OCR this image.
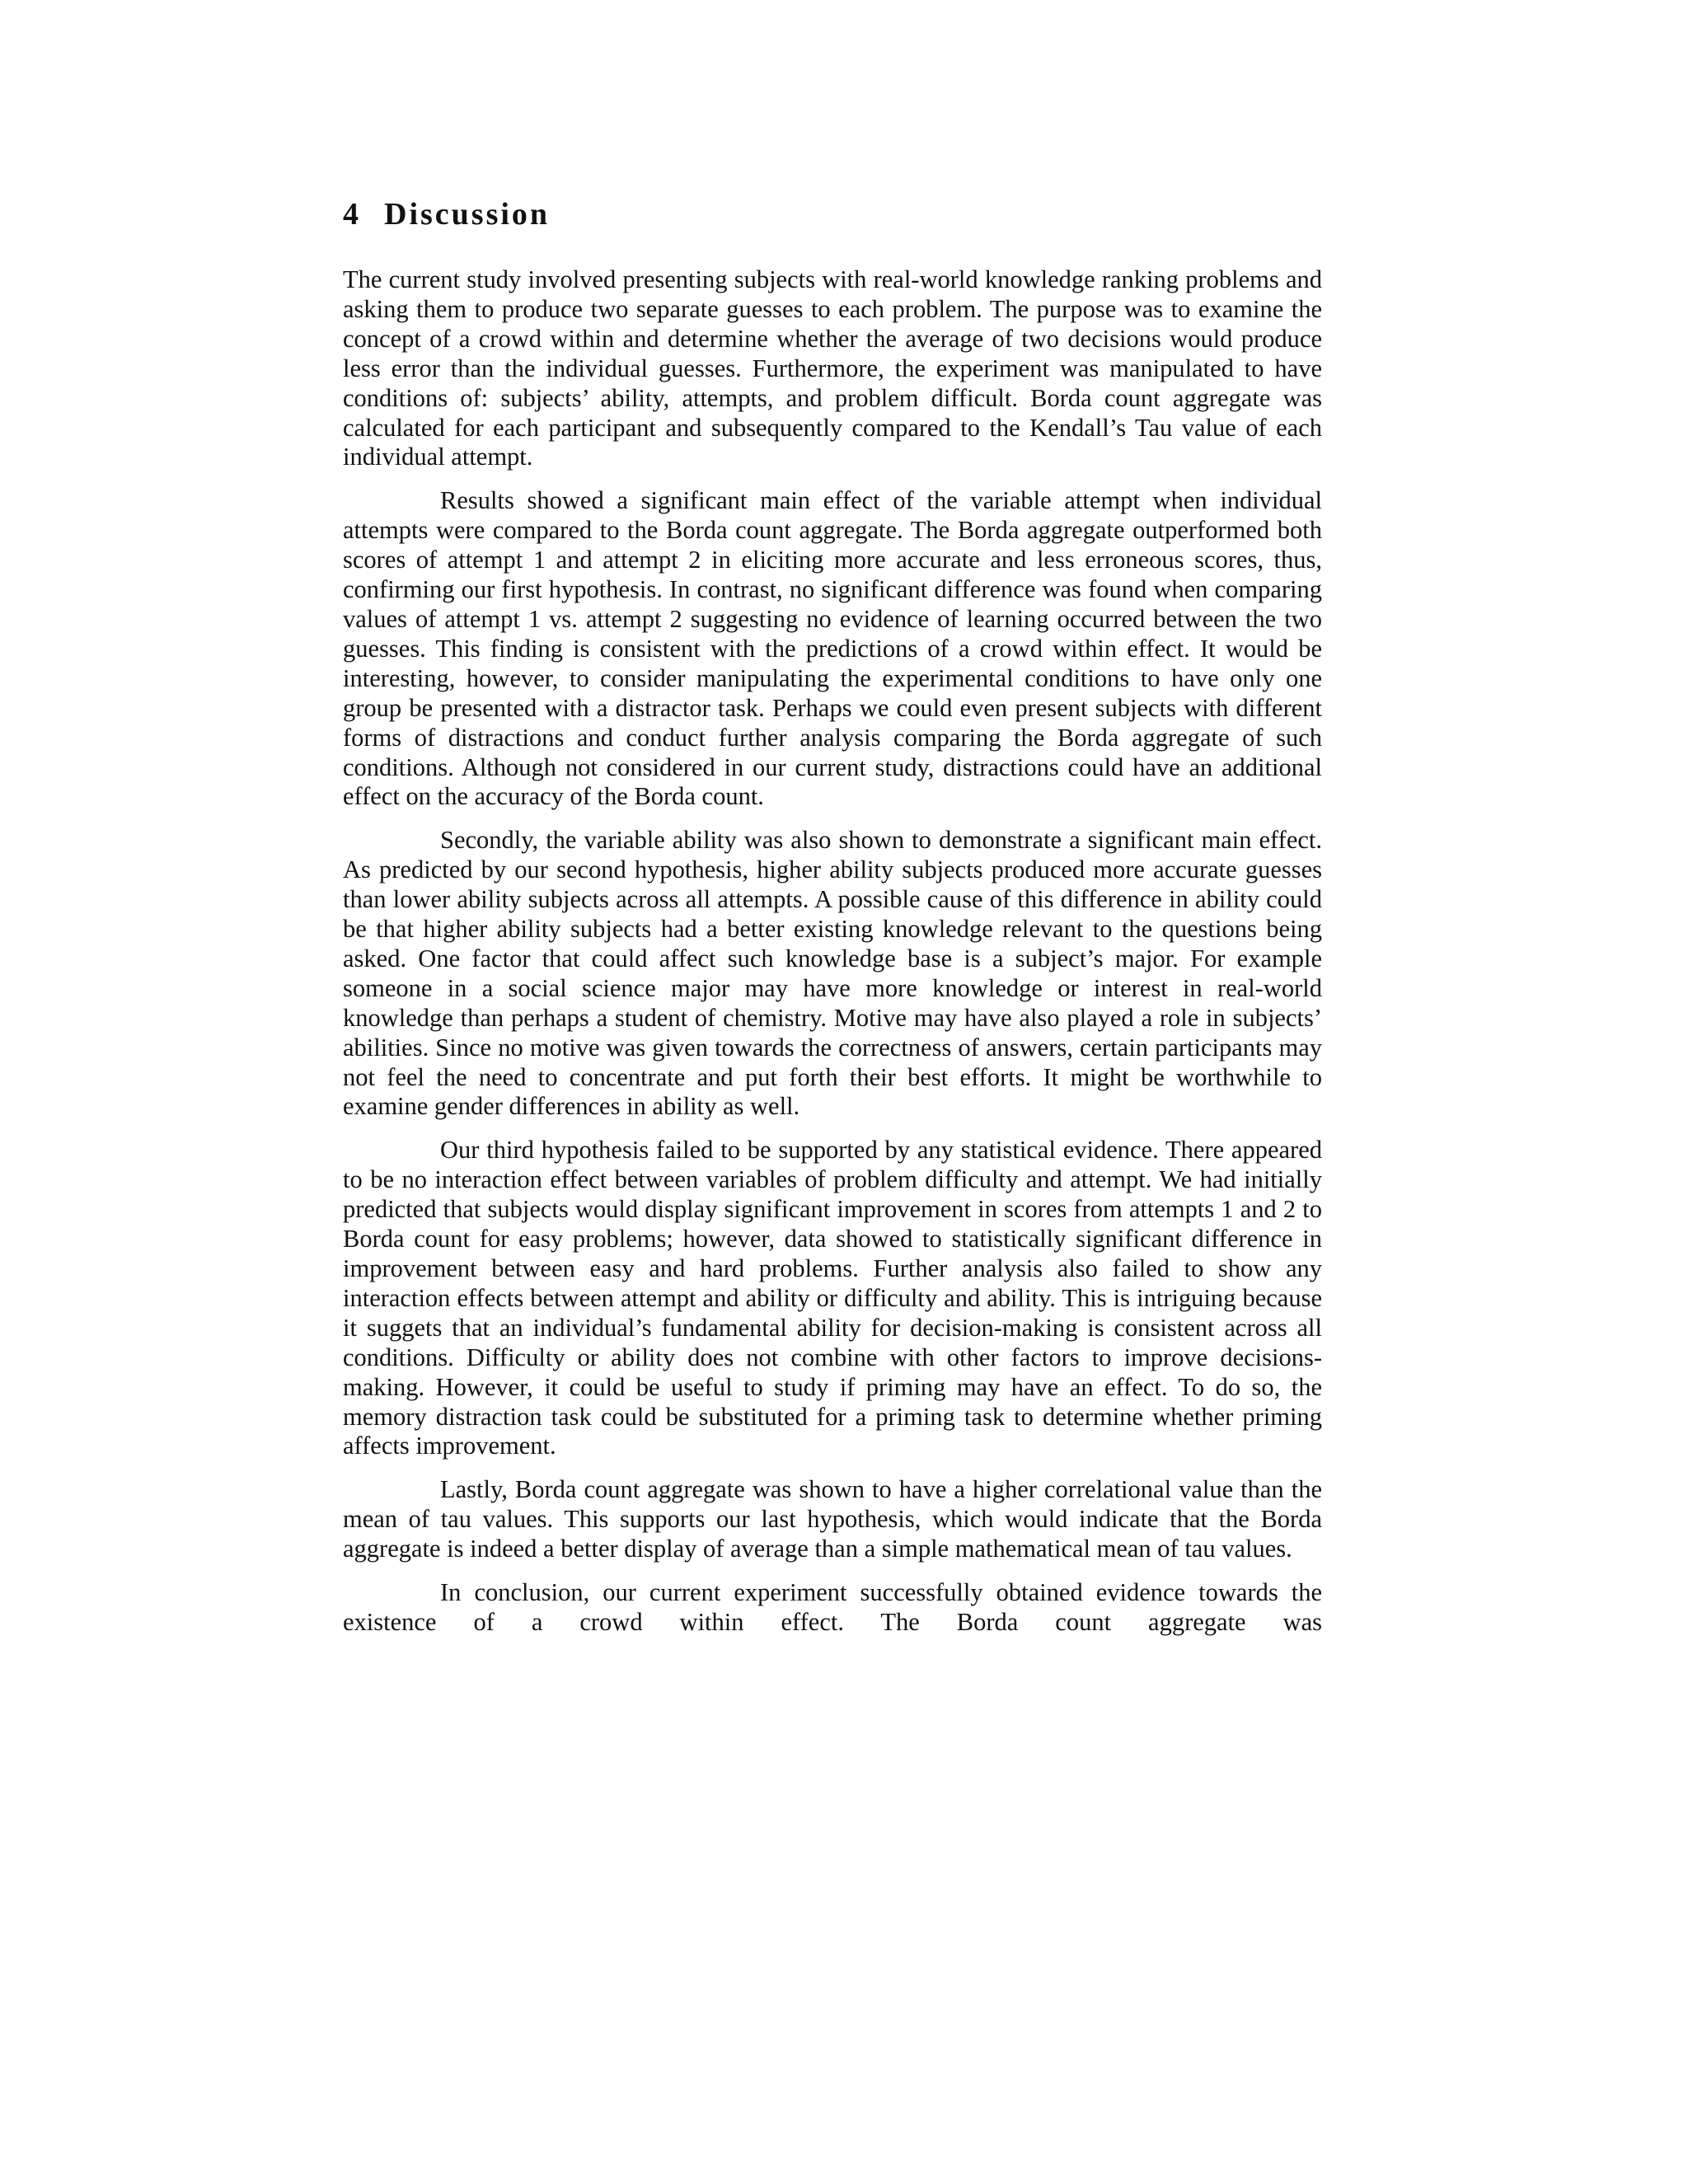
4 Discussion

The current study involved presenting subjects with real-world knowledge ranking problems and asking them to produce two separate guesses to each problem. The purpose was to examine the concept of a crowd within and determine whether the average of two decisions would produce less error than the individual guesses. Furthermore, the experiment was manipulated to have conditions of: subjects’ ability, attempts, and problem difficult. Borda count aggregate was calculated for each participant and subsequently compared to the Kendall’s Tau value of each individual attempt.

Results showed a significant main effect of the variable attempt when individual attempts were compared to the Borda count aggregate. The Borda aggregate outperformed both scores of attempt 1 and attempt 2 in eliciting more accurate and less erroneous scores, thus, confirming our first hypothesis. In contrast, no significant difference was found when comparing values of attempt 1 vs. attempt 2 suggesting no evidence of learning occurred between the two guesses. This finding is consistent with the predictions of a crowd within effect. It would be interesting, however, to consider manipulating the experimental conditions to have only one group be presented with a distractor task. Perhaps we could even present subjects with different forms of distractions and conduct further analysis comparing the Borda aggregate of such conditions. Although not considered in our current study, distractions could have an additional effect on the accuracy of the Borda count.

Secondly, the variable ability was also shown to demonstrate a significant main effect. As predicted by our second hypothesis, higher ability subjects produced more accurate guesses than lower ability subjects across all attempts. A possible cause of this difference in ability could be that higher ability subjects had a better existing knowledge relevant to the questions being asked. One factor that could affect such knowledge base is a subject’s major. For example someone in a social science major may have more knowledge or interest in real-world knowledge than perhaps a student of chemistry. Motive may have also played a role in subjects’ abilities. Since no motive was given towards the correctness of answers, certain participants may not feel the need to concentrate and put forth their best efforts. It might be worthwhile to examine gender differences in ability as well.

Our third hypothesis failed to be supported by any statistical evidence. There appeared to be no interaction effect between variables of problem difficulty and attempt. We had initially predicted that subjects would display significant improvement in scores from attempts 1 and 2 to Borda count for easy problems; however, data showed to statistically significant difference in improvement between easy and hard problems. Further analysis also failed to show any interaction effects between attempt and ability or difficulty and ability. This is intriguing because it suggets that an individual’s fundamental ability for decision-making is consistent across all conditions. Difficulty or ability does not combine with other factors to improve decisions-making. However, it could be useful to study if priming may have an effect. To do so, the memory distraction task could be substituted for a priming task to determine whether priming affects improvement.

Lastly, Borda count aggregate was shown to have a higher correlational value than the mean of tau values. This supports our last hypothesis, which would indicate that the Borda aggregate is indeed a better display of average than a simple mathematical mean of tau values.

In conclusion, our current experiment successfully obtained evidence towards the existence of a crowd within effect. The Borda count aggregate was
